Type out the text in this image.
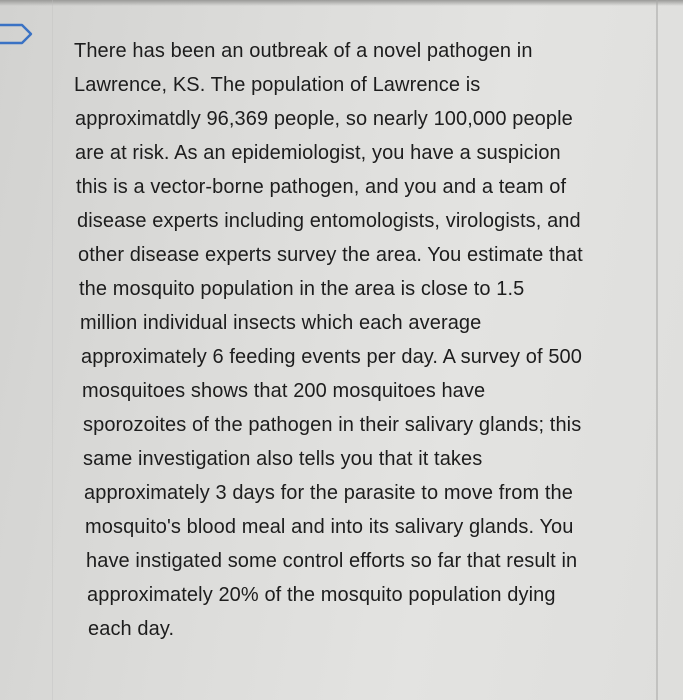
There has been an outbreak of a novel pathogen in
Lawrence, KS. The population of Lawrence is
approximatdly 96,369 people, so nearly 100,000 people
are at risk. As an epidemiologist, you have a suspicion
this is a vector-borne pathogen, and you and a team of
disease experts including entomologists, virologists, and
other disease experts survey the area. You estimate that
the mosquito population in the area is close to 1.5
million individual insects which each average
approximately 6 feeding events per day. A survey of 500
mosquitoes shows that 200 mosquitoes have
sporozoites of the pathogen in their salivary glands; this
same investigation also tells you that it takes
approximately 3 days for the parasite to move from the
mosquito's blood meal and into its salivary glands. You
have instigated some control efforts so far that result in
approximately 20% of the mosquito population dying
each day.
